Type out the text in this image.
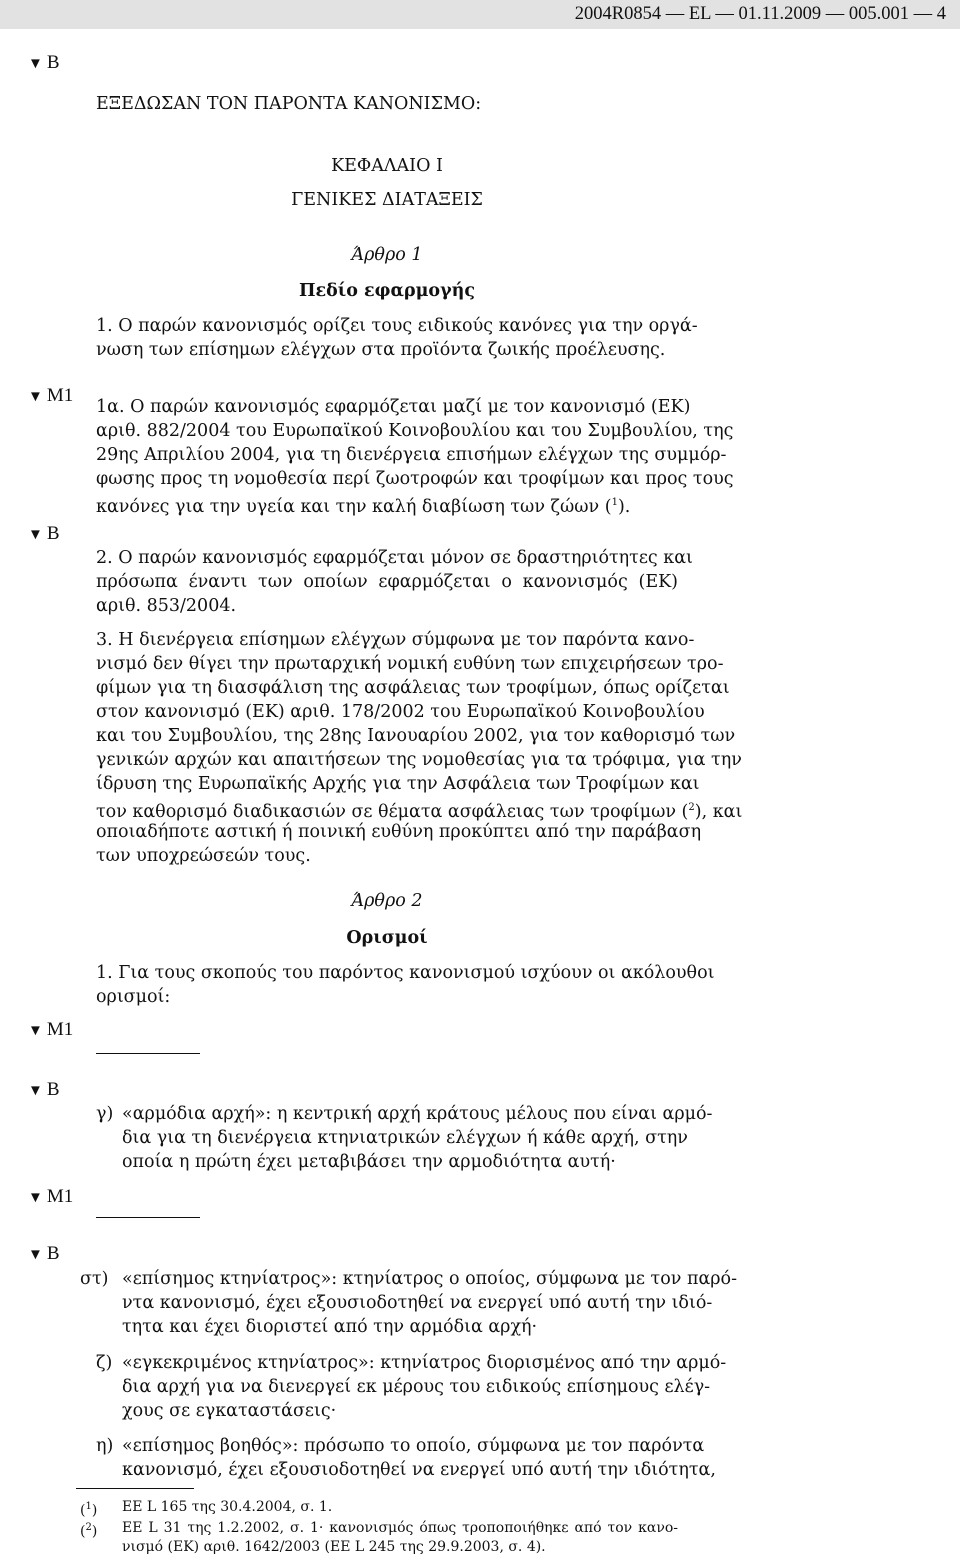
2004R0854 — EL — 01.11.2009 — 005.001 — 4
▼ B
▼ M1
▼ B
▼ M1
▼ B
▼ M1
▼ B
ΕΞΕΔΩΣΑΝ ΤΟΝ ΠΑΡΟΝΤΑ ΚΑΝΟΝΙΣΜΟ:
ΚΕΦΑΛΑΙΟ I
ΓΕΝΙΚΕΣ ΔΙΑΤΑΞΕΙΣ
Άρθρο 1
Πεδίο εφαρμογής
1. Ο παρών κανονισμός ορίζει τους ειδικούς κανόνες για την οργά-
νωση των επίσημων ελέγχων στα προϊόντα ζωικής προέλευσης.
1α. Ο παρών κανονισμός εφαρμόζεται μαζί με τον κανονισμό (ΕΚ)
αριθ. 882/2004 του Ευρωπαϊκού Κοινοβουλίου και του Συμβουλίου, της
29ης Απριλίου 2004, για τη διενέργεια επισήμων ελέγχων της συμμόρ-
φωσης προς τη νομοθεσία περί ζωοτροφών και τροφίμων και προς τους
κανόνες για την υγεία και την καλή διαβίωση των ζώων ($^1$).
2. Ο παρών κανονισμός εφαρμόζεται μόνον σε δραστηριότητες και
πρόσωπα έναντι των οποίων εφαρμόζεται ο κανονισμός (ΕΚ)
αριθ. 853/2004.
3. Η διενέργεια επίσημων ελέγχων σύμφωνα με τον παρόντα κανο-
νισμό δεν θίγει την πρωταρχική νομική ευθύνη των επιχειρήσεων τρο-
φίμων για τη διασφάλιση της ασφάλειας των τροφίμων, όπως ορίζεται
στον κανονισμό (ΕΚ) αριθ. 178/2002 του Ευρωπαϊκού Κοινοβουλίου
και του Συμβουλίου, της 28ης Ιανουαρίου 2002, για τον καθορισμό των
γενικών αρχών και απαιτήσεων της νομοθεσίας για τα τρόφιμα, για την
ίδρυση της Ευρωπαϊκής Αρχής για την Ασφάλεια των Τροφίμων και
τον καθορισμό διαδικασιών σε θέματα ασφάλειας των τροφίμων ($^2$), και
οποιαδήποτε αστική ή ποινική ευθύνη προκύπτει από την παράβαση
των υποχρεώσεών τους.
Άρθρο 2
Ορισμοί
1. Για τους σκοπούς του παρόντος κανονισμού ισχύουν οι ακόλουθοι
ορισμοί:
γ) «αρμόδια αρχή»: η κεντρική αρχή κράτους μέλους που είναι αρμό-
δια για τη διενέργεια κτηνιατρικών ελέγχων ή κάθε αρχή, στην
οποία η πρώτη έχει μεταβιβάσει την αρμοδιότητα αυτή·
στ) «επίσημος κτηνίατρος»: κτηνίατρος ο οποίος, σύμφωνα με τον παρό-
ντα κανονισμό, έχει εξουσιοδοτηθεί να ενεργεί υπό αυτή την ιδιό-
τητα και έχει διοριστεί από την αρμόδια αρχή·
ζ) «εγκεκριμένος κτηνίατρος»: κτηνίατρος διορισμένος από την αρμό-
δια αρχή για να διενεργεί εκ μέρους του ειδικούς επίσημους ελέγ-
χους σε εγκαταστάσεις·
η) «επίσημος βοηθός»: πρόσωπο το οποίο, σύμφωνα με τον παρόντα
κανονισμό, έχει εξουσιοδοτηθεί να ενεργεί υπό αυτή την ιδιότητα,
($^1$) ΕΕ L 165 της 30.4.2004, σ. 1.
($^2$) ΕΕ L 31 της 1.2.2002, σ. 1· κανονισμός όπως τροποποιήθηκε από τον κανο-
νισμό (ΕΚ) αριθ. 1642/2003 (ΕΕ L 245 της 29.9.2003, σ. 4).
